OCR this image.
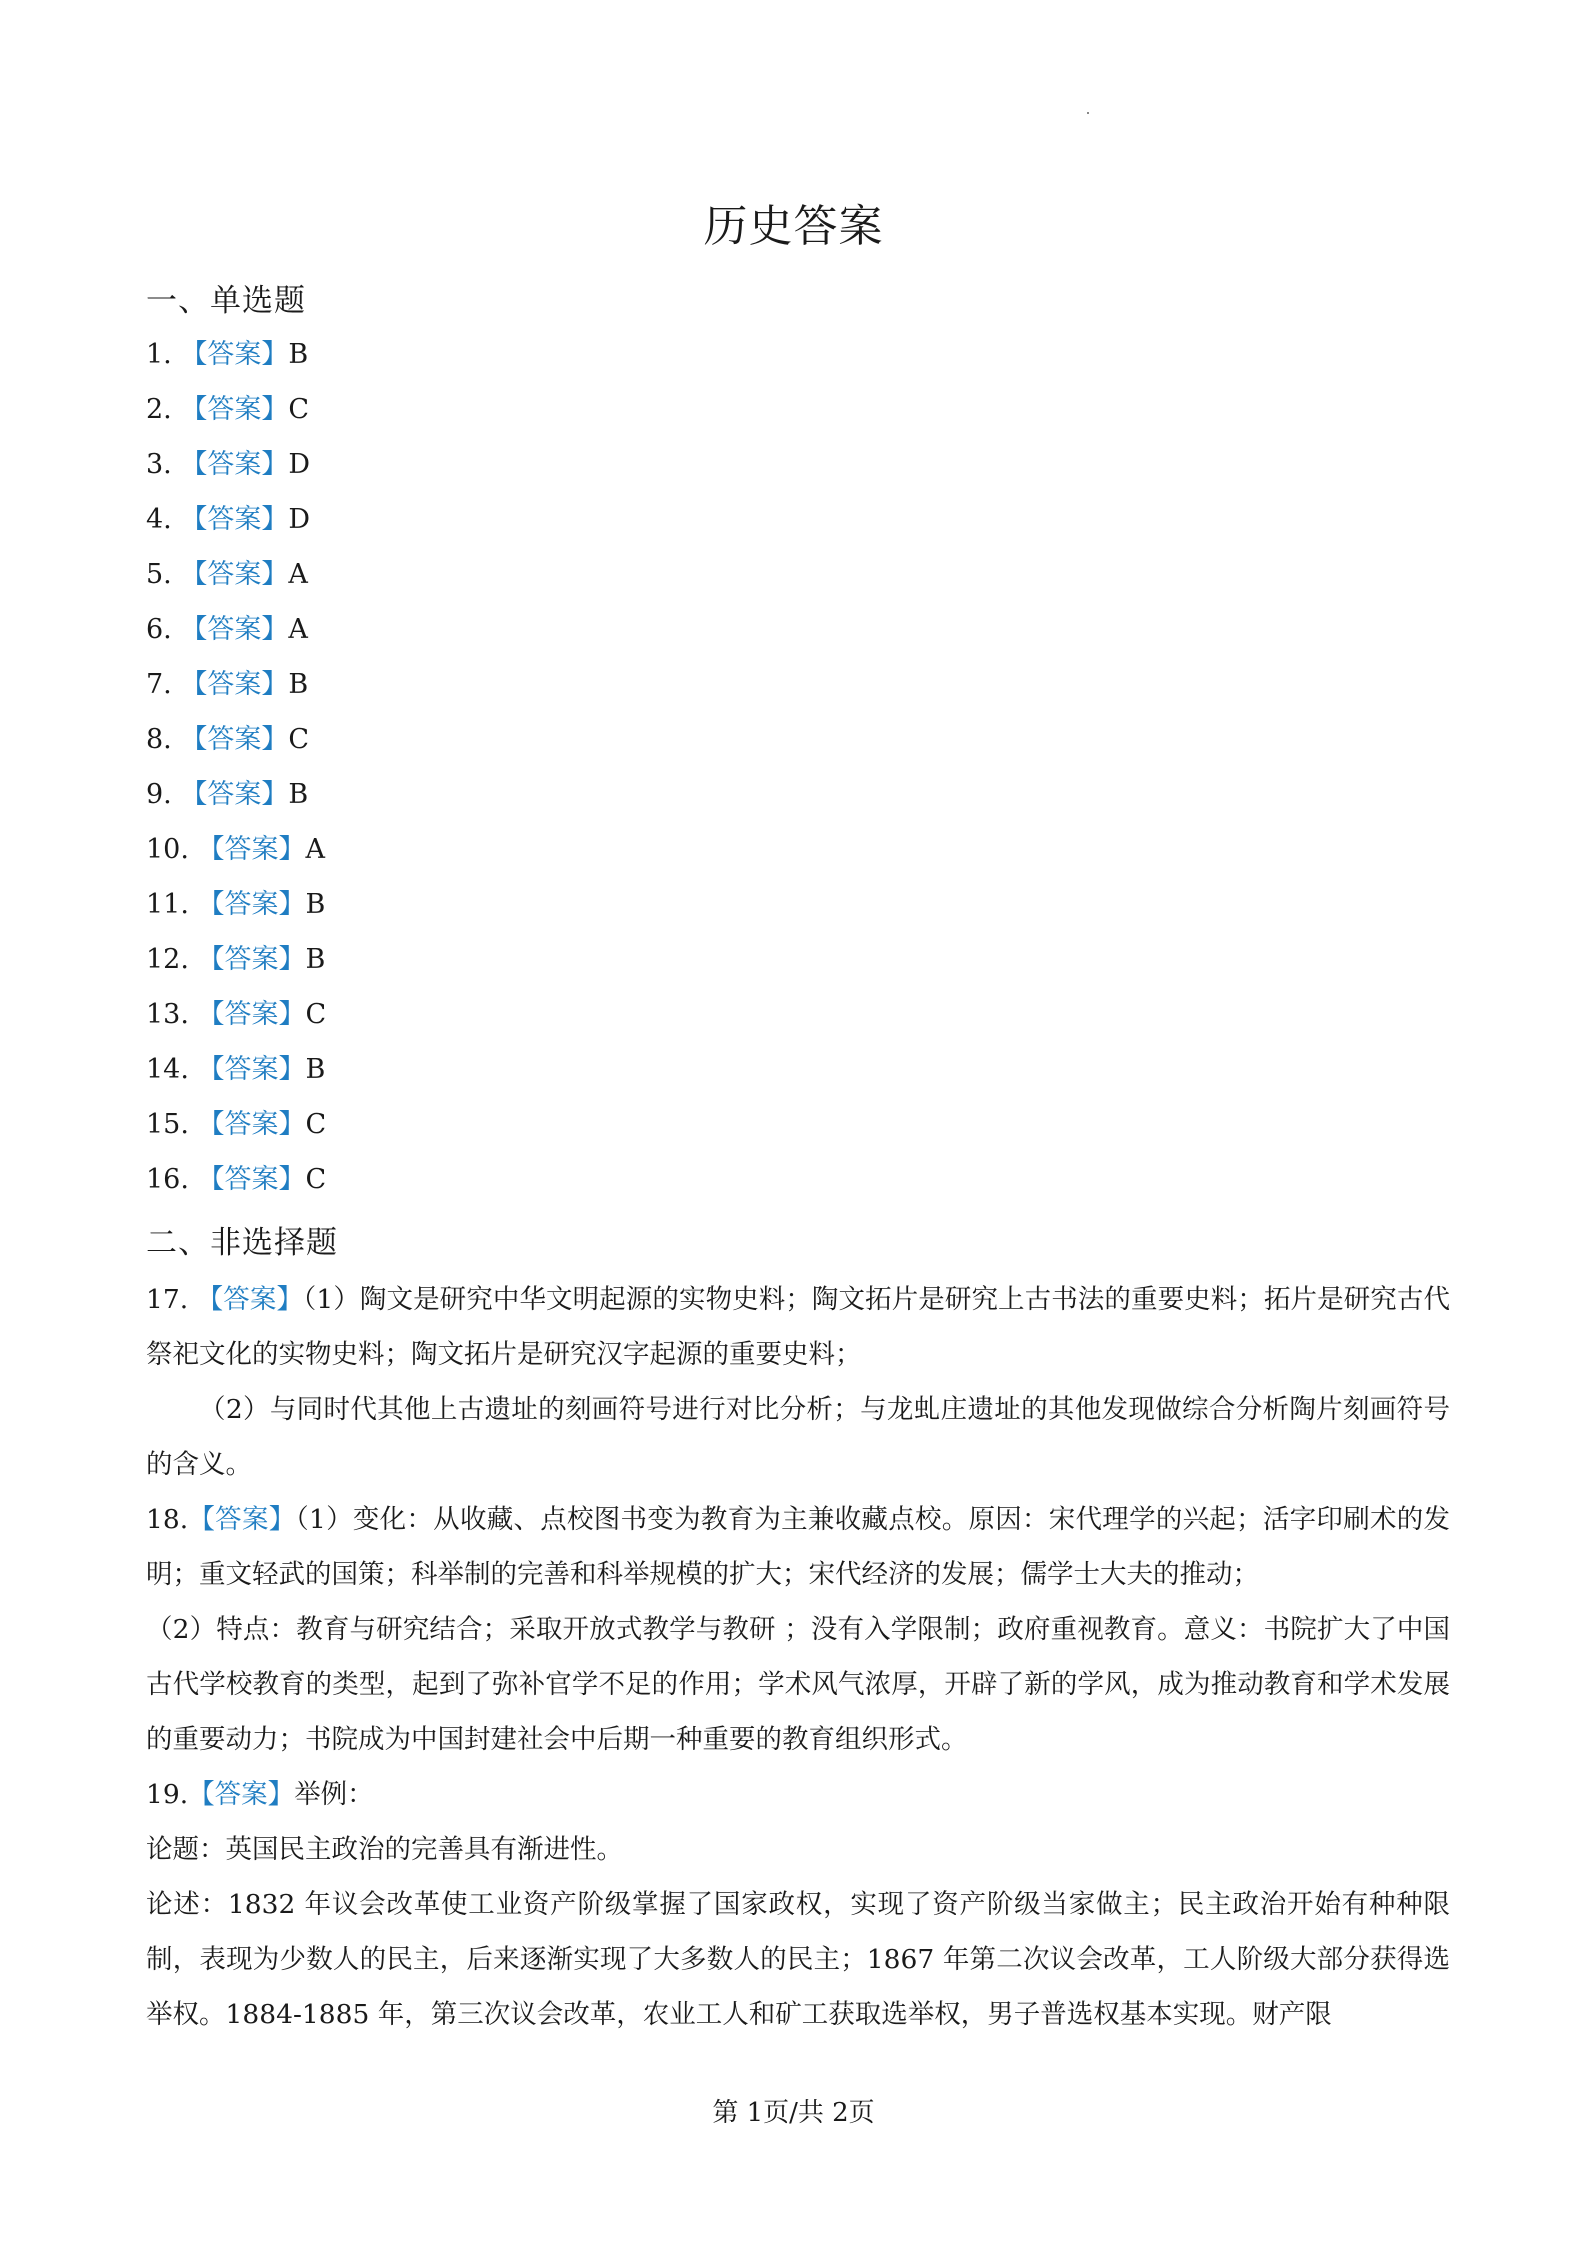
历史答案
一、单选题
1. 【答案】B
2. 【答案】C
3. 【答案】D
4. 【答案】D
5. 【答案】A
6. 【答案】A
7. 【答案】B
8. 【答案】C
9. 【答案】B
10. 【答案】A
11. 【答案】B
12. 【答案】B
13. 【答案】C
14. 【答案】B
15. 【答案】C
16. 【答案】C
二、非选择题

17. 【答案】（1）陶文是研究中华文明起源的实物史料；陶文拓片是研究上古书法的重要史料；拓片是研究古代祭祀文化的实物史料；陶文拓片是研究汉字起源的重要史料；

（2）与同时代其他上古遗址的刻画符号进行对比分析；与龙虬庄遗址的其他发现做综合分析陶片刻画符号的含义。

18.【答案】（1）变化：从收藏、点校图书变为教育为主兼收藏点校。原因：宋代理学的兴起；活字印刷术的发明；重文轻武的国策；科举制的完善和科举规模的扩大；宋代经济的发展；儒学士大夫的推动；

（2）特点：教育与研究结合；采取开放式教学与教研 ；没有入学限制；政府重视教育。意义：书院扩大了中国古代学校教育的类型，起到了弥补官学不足的作用；学术风气浓厚，开辟了新的学风，成为推动教育和学术发展的重要动力；书院成为中国封建社会中后期一种重要的教育组织形式。

19.【答案】举例：

论题：英国民主政治的完善具有渐进性。

论述：1832 年议会改革使工业资产阶级掌握了国家政权，实现了资产阶级当家做主；民主政治开始有种种限制，表现为少数人的民主，后来逐渐实现了大多数人的民主；1867 年第二次议会改革，工人阶级大部分获得选举权。1884-1885 年，第三次议会改革，农业工人和矿工获取选举权，男子普选权基本实现。财产限

第 1页/共 2页
